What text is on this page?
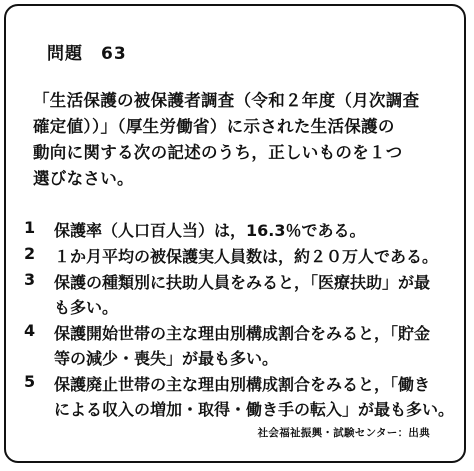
問題　63
「生活保護の被保護者調査（令和２年度（月次調査
確定値））」（厚生労働省）に示された生活保護の
動向に関する次の記述のうち，正しいものを１つ
選びなさい。
1	保護率（人口百人当）は，16.3％である。
2	１か月平均の被保護実人員数は，約２０万人である。
3	保護の種類別に扶助人員をみると，「医療扶助」が最
も多い。
4	保護開始世帯の主な理由別構成割合をみると，「貯金
等の減少・喪失」が最も多い。
5	保護廃止世帯の主な理由別構成割合をみると，「働き
による収入の増加・取得・働き手の転入」が最も多い。
社会福祉振興・試験センター：出典
